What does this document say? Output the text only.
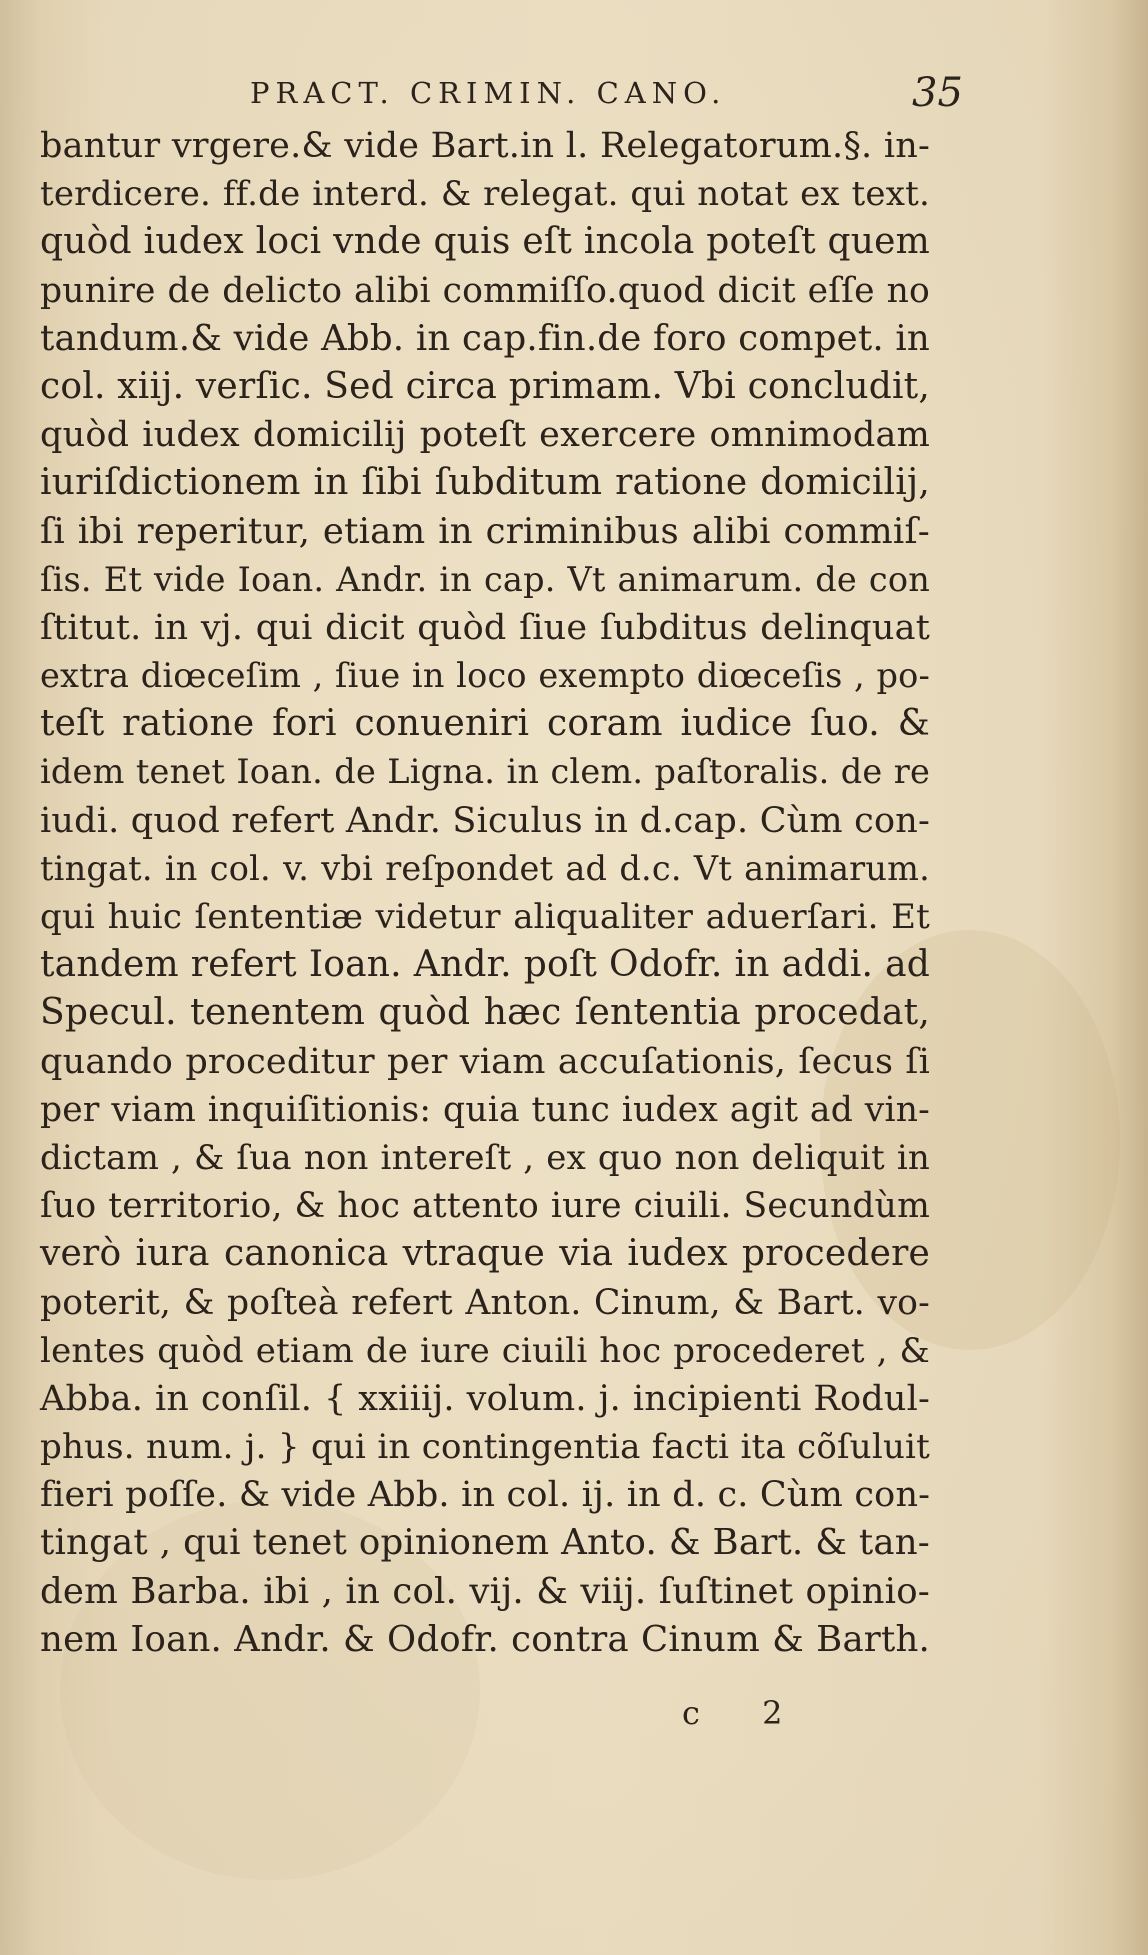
PRACT. CRIMIN. CANO.	35
bantur vrgere.& vide Bart.in l. Relegatorum.§. in-
terdicere. ff.de interd. & relegat. qui notat ex text.
quòd iudex loci vnde quis eſt incola poteſt quem
punire de delicto alibi commiſſo.quod dicit eſſe no
tandum.& vide Abb. in cap.fin.de foro compet. in
col. xiij. verſic. Sed circa primam. Vbi concludit,
quòd iudex domicilij poteſt exercere omnimodam
iuriſdictionem in ſibi ſubditum ratione domicilij,
ſi ibi reperitur, etiam in criminibus alibi commiſ-
ſis. Et vide Ioan. Andr. in cap. Vt animarum. de con
ſtitut. in vj. qui dicit quòd ſiue ſubditus delinquat
extra diœceſim , ſiue in loco exempto diœceſis , po-
teſt ratione fori conueniri coram iudice ſuo. &
idem tenet Ioan. de Ligna. in clem. paſtoralis. de re
iudi. quod refert Andr. Siculus in d.cap. Cùm con-
tingat. in col. v. vbi reſpondet ad d.c. Vt animarum.
qui huic ſententiæ videtur aliqualiter aduerſari. Et
tandem refert Ioan. Andr. poſt Odofr. in addi. ad
Specul. tenentem quòd hæc ſententia procedat,
quando proceditur per viam accuſationis, ſecus ſi
per viam inquiſitionis: quia tunc iudex agit ad vin-
dictam , & ſua non intereſt , ex quo non deliquit in
ſuo territorio, & hoc attento iure ciuili. Secundùm
verò iura canonica vtraque via iudex procedere
poterit, & poſteà refert Anton. Cinum, & Bart. vo-
lentes quòd etiam de iure ciuili hoc procederet , &
Abba. in conſil. { xxiiij. volum. j. incipienti Rodul-
phus. num. j. } qui in contingentia facti ita cõſuluit
fieri poſſe. & vide Abb. in col. ij. in d. c. Cùm con-
tingat , qui tenet opinionem Anto. & Bart. & tan-
dem Barba. ibi , in col. vij. & viij. ſuſtinet opinio-
nem Ioan. Andr. & Odofr. contra Cinum & Barth.
c 2
